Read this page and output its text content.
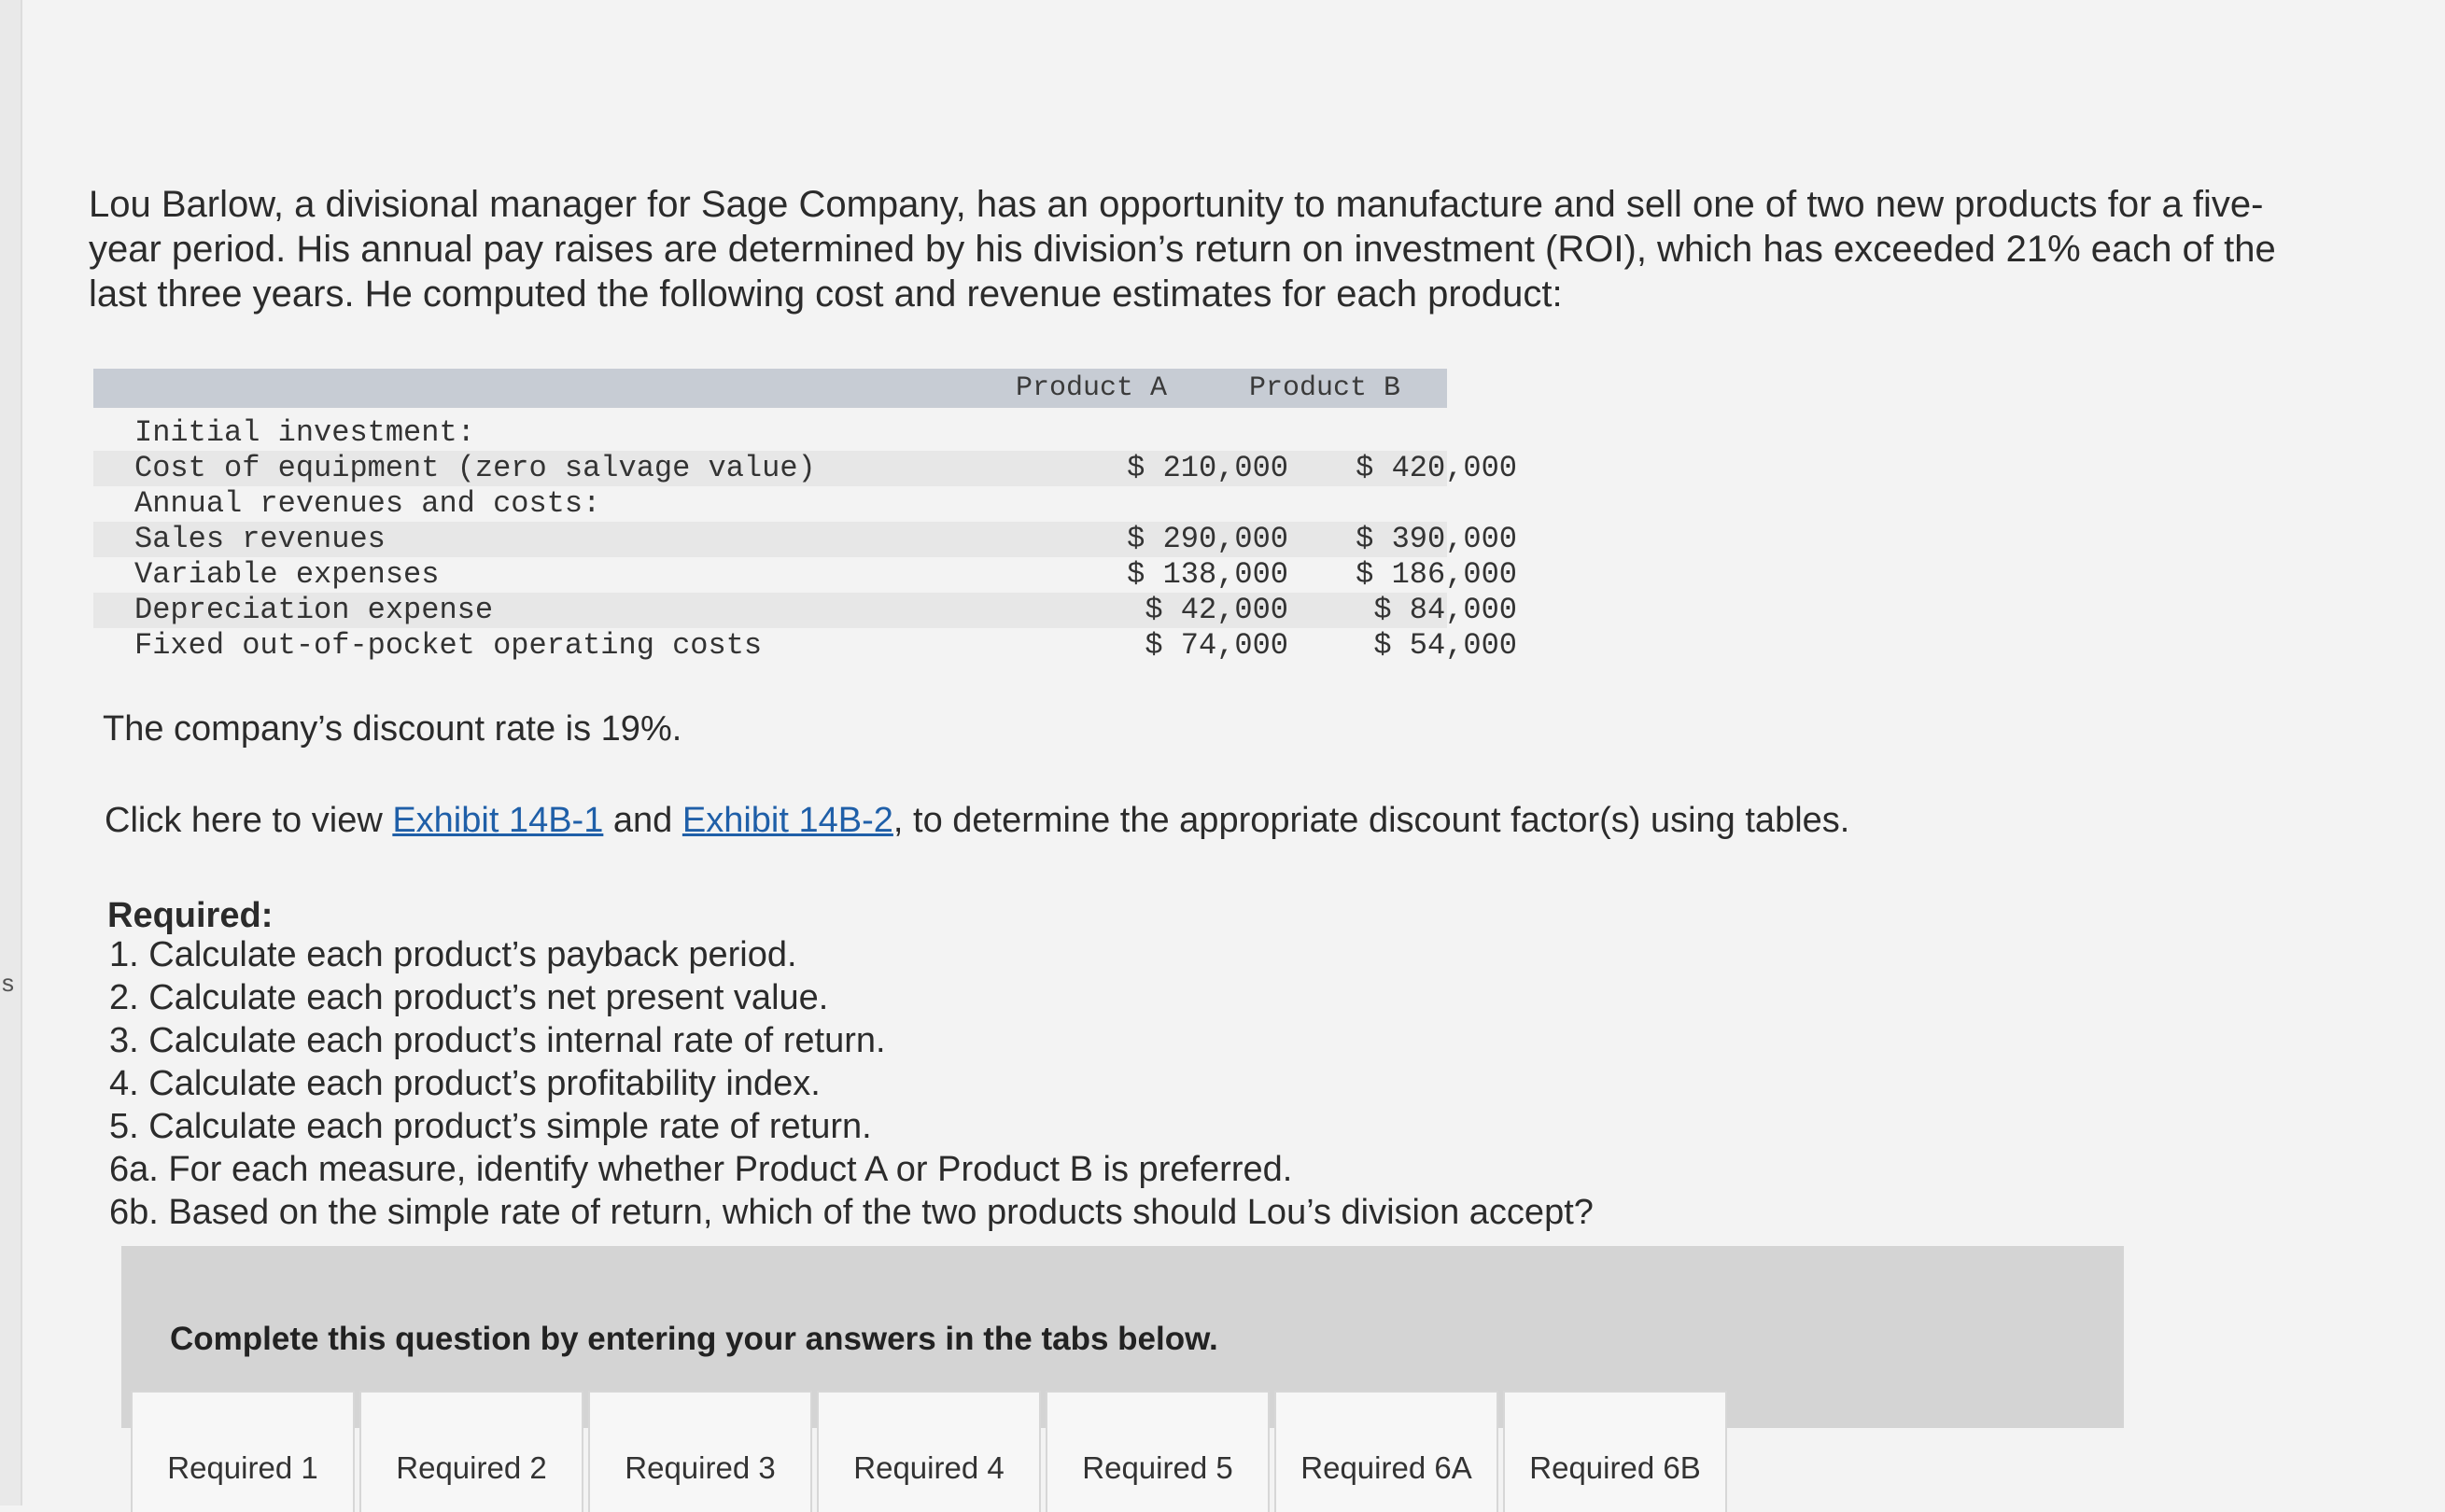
s
Lou Barlow, a divisional manager for Sage Company, has an opportunity to manufacture and sell one of two new products for a five-year period. His annual pay raises are determined by his division’s return on investment (ROI), which has exceeded 21% each of the last three years. He computed the following cost and revenue estimates for each product:
Product A	Product B
Initial investment:
Cost of equipment (zero salvage value)	$ 210,000	$ 420,000
Annual revenues and costs:
Sales revenues	$ 290,000	$ 390,000
Variable expenses	$ 138,000	$ 186,000
Depreciation expense	$ 42,000	$ 84,000
Fixed out-of-pocket operating costs	$ 74,000	$ 54,000
The company’s discount rate is 19%.
Click here to view Exhibit 14B-1 and Exhibit 14B-2, to determine the appropriate discount factor(s) using tables.
Required:
1. Calculate each product’s payback period.
2. Calculate each product’s net present value.
3. Calculate each product’s internal rate of return.
4. Calculate each product’s profitability index.
5. Calculate each product’s simple rate of return.
6a. For each measure, identify whether Product A or Product B is preferred.
6b. Based on the simple rate of return, which of the two products should Lou’s division accept?
Complete this question by entering your answers in the tabs below.
Required 1	Required 2	Required 3	Required 4	Required 5	Required 6A	Required 6B
